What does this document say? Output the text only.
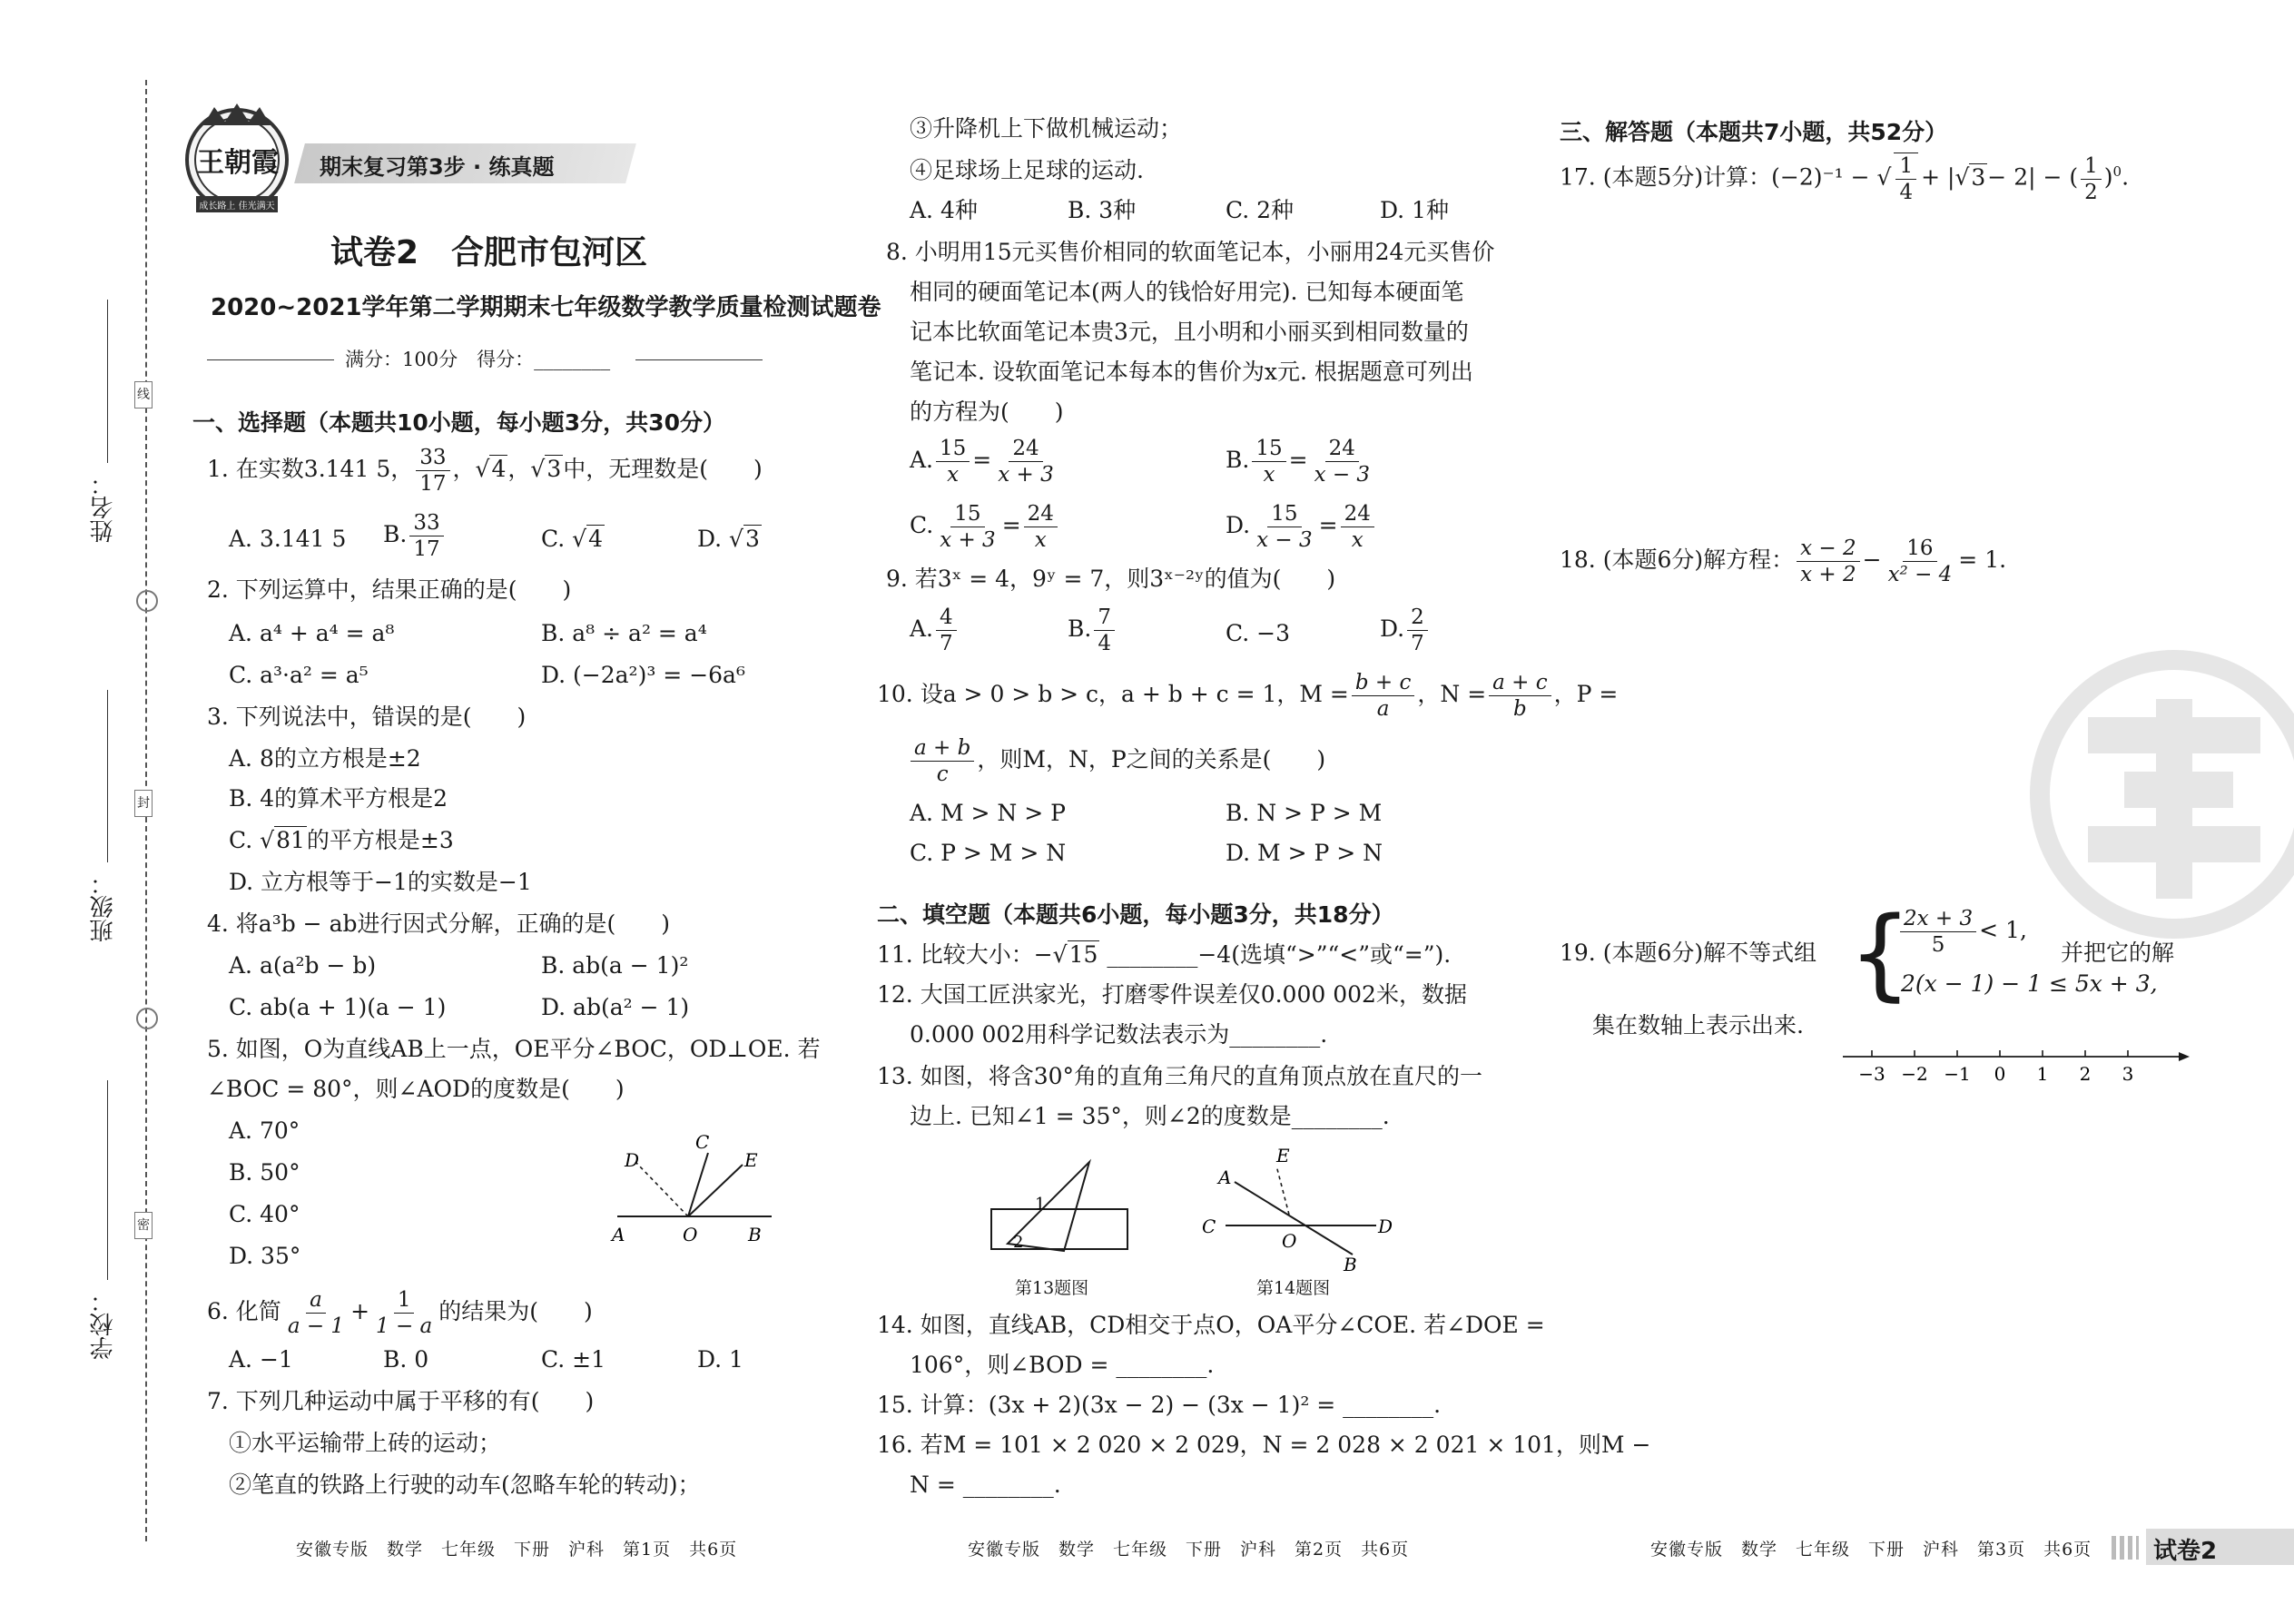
线
封
密
姓名：
班级：
学校：
王朝霞
成长路上 佳光满天
期末复习第3步 · 练真题
试卷2　合肥市包河区
2020~2021学年第二学期期末七年级数学教学质量检测试题卷
满分：100分　得分：________
一、选择题（本题共10小题，每小题3分，共30分）
1. 在实数3.141 5， $\frac{33}{17}$ ，√4，√3中，无理数是(　　)
A. 3.141 5 B. $\frac{33}{17}$	C. √4	D. √3
2. 下列运算中，结果正确的是(　　)
A. a⁴ + a⁴ = a⁸	B. a⁸ ÷ a² = a⁴
C. a³·a² = a⁵	D. (−2a²)³ = −6a⁶
3. 下列说法中，错误的是(　　)
A. 8的立方根是±2
B. 4的算术平方根是2
C. √81的平方根是±3
D. 立方根等于−1的实数是−1
4. 将a³b − ab进行因式分解，正确的是(　　)
A. a(a²b − b)	B. ab(a − 1)²
C. ab(a + 1)(a − 1)	D. ab(a² − 1)
5. 如图，O为直线AB上一点，OE平分∠BOC，OD⊥OE. 若
∠BOC = 80°，则∠AOD的度数是(　　)
A. 70°
B. 50°
C. 40°
D. 35°
A	O	B
C
D	E
6. 化简 $\frac{a}{a - 1} + \frac{1}{1 - a}$ 的结果为(　　)
A. −1	B. 0	C. ±1	D. 1
7. 下列几种运动中属于平移的有(　　)
①水平运输带上砖的运动；
②笔直的铁路上行驶的动车(忽略车轮的转动)；
安徽专版　数学　七年级　下册　沪科　第1页　共6页
③升降机上下做机械运动；
④足球场上足球的运动.
A. 4种	B. 3种	C. 2种	D. 1种
8. 小明用15元买售价相同的软面笔记本，小丽用24元买售价
相同的硬面笔记本(两人的钱恰好用完). 已知每本硬面笔
记本比软面笔记本贵3元，且小明和小丽买到相同数量的
笔记本. 设软面笔记本每本的售价为x元. 根据题意可列出
的方程为(　　)
A. $\frac{15}{x} = \frac{24}{x + 3}$	B. $\frac{15}{x} = \frac{24}{x - 3}$
C. $\frac{15}{x + 3} = \frac{24}{x}$	D. $\frac{15}{x - 3} = \frac{24}{x}$
9. 若3ˣ = 4，9ʸ = 7，则3ˣ⁻²ʸ的值为(　　)
A. $\frac{4}{7}$	B. $\frac{7}{4}$	C. −3	D. $\frac{2}{7}$
10. 设a > 0 > b > c，a + b + c = 1，$M = \frac{b + c}{a}$ ，$N = \frac{a + c}{b}$ ，P =
$\frac{a + b}{c}$ ，则M，N，P之间的关系是(　　)
A. M > N > P	B. N > P > M
C. P > M > N	D. M > P > N
二、填空题（本题共6小题，每小题3分，共18分）
11. 比较大小：−√15 ________−4(选填“>”“<”或“=”).
12. 大国工匠洪家光，打磨零件误差仅0.000 002米，数据
0.000 002用科学记数法表示为________.
13. 如图，将含30°角的直角三角尺的直角顶点放在直尺的一
边上. 已知∠1 = 35°，则∠2的度数是________.
1
2
第13题图
A
E
C	D
O
B
第14题图
14. 如图，直线AB，CD相交于点O，OA平分∠COE. 若∠DOE =
106°，则∠BOD = ________.
15. 计算：(3x + 2)(3x − 2) − (3x − 1)² = ________.
16. 若M = 101 × 2 020 × 2 029，N = 2 028 × 2 021 × 101，则M −
N = ________.
安徽专版　数学　七年级　下册　沪科　第2页　共6页
三、解答题（本题共7小题，共52分）
17. (本题5分)计算：(−2)⁻¹ − √ $\frac{1}{4} + |√3- 2|$ − ( $\frac{1}{2} )^0$.
18. (本题6分)解方程： $\frac{x - 2}{x + 2} - \frac{16}{\text{x² − 4}} = 1$.
19. (本题6分)解不等式组 {
$\frac{2x + 3}{5} < 1$,
2(x − 1) − 1 ≤ 5x + 3,
并把它的解
集在数轴上表示出来.
−3 −2 −1 0 1 2 3
安徽专版　数学　七年级　下册　沪科　第3页　共6页	试卷2
